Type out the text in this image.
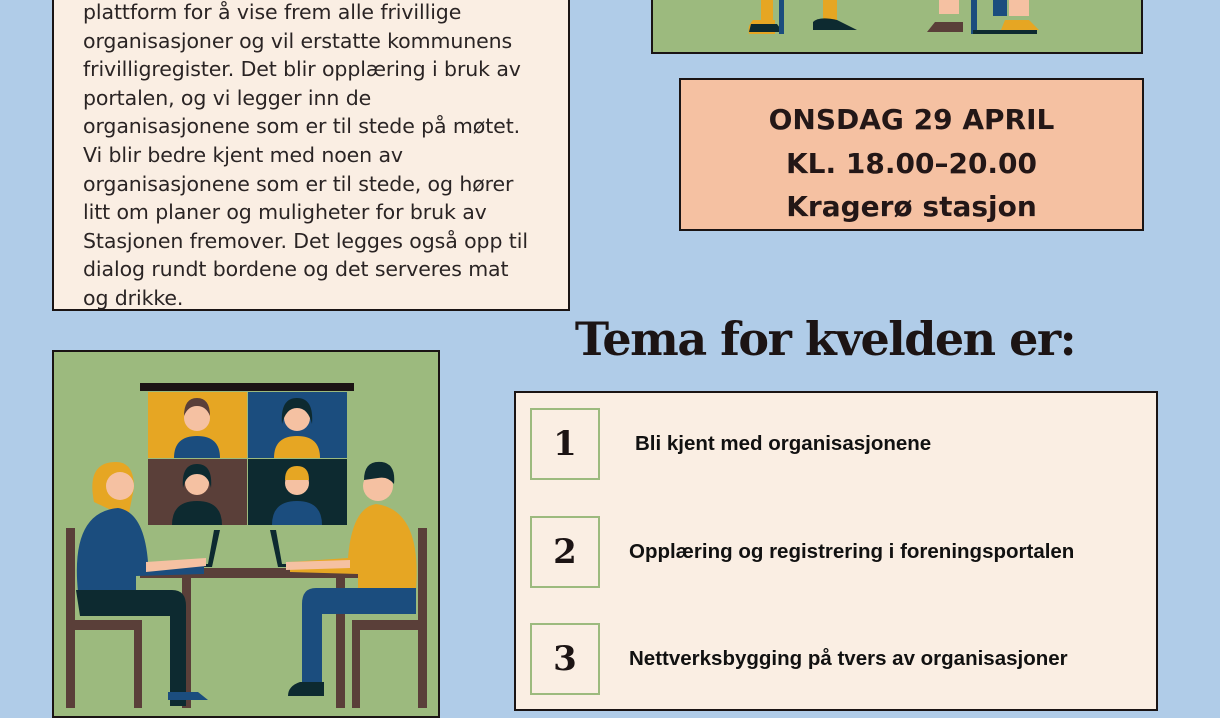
plattform for å vise frem alle frivillige
organisasjoner og vil erstatte kommunens
frivilligregister. Det blir opplæring i bruk av
portalen, og vi legger inn de
organisasjonene som er til stede på møtet.
Vi blir bedre kjent med noen av
organisasjonene som er til stede, og hører
litt om planer og muligheter for bruk av
Stasjonen fremover. Det legges også opp til
dialog rundt bordene og det serveres mat
og drikke.

ONSDAG 29 APRIL
KL. 18.00–20.00
Kragerø stasjon
Tema for kvelden er:
1	Bli kjent med organisasjonene
2	Opplæring og registrering i foreningsportalen
3	Nettverksbygging på tvers av organisasjoner
